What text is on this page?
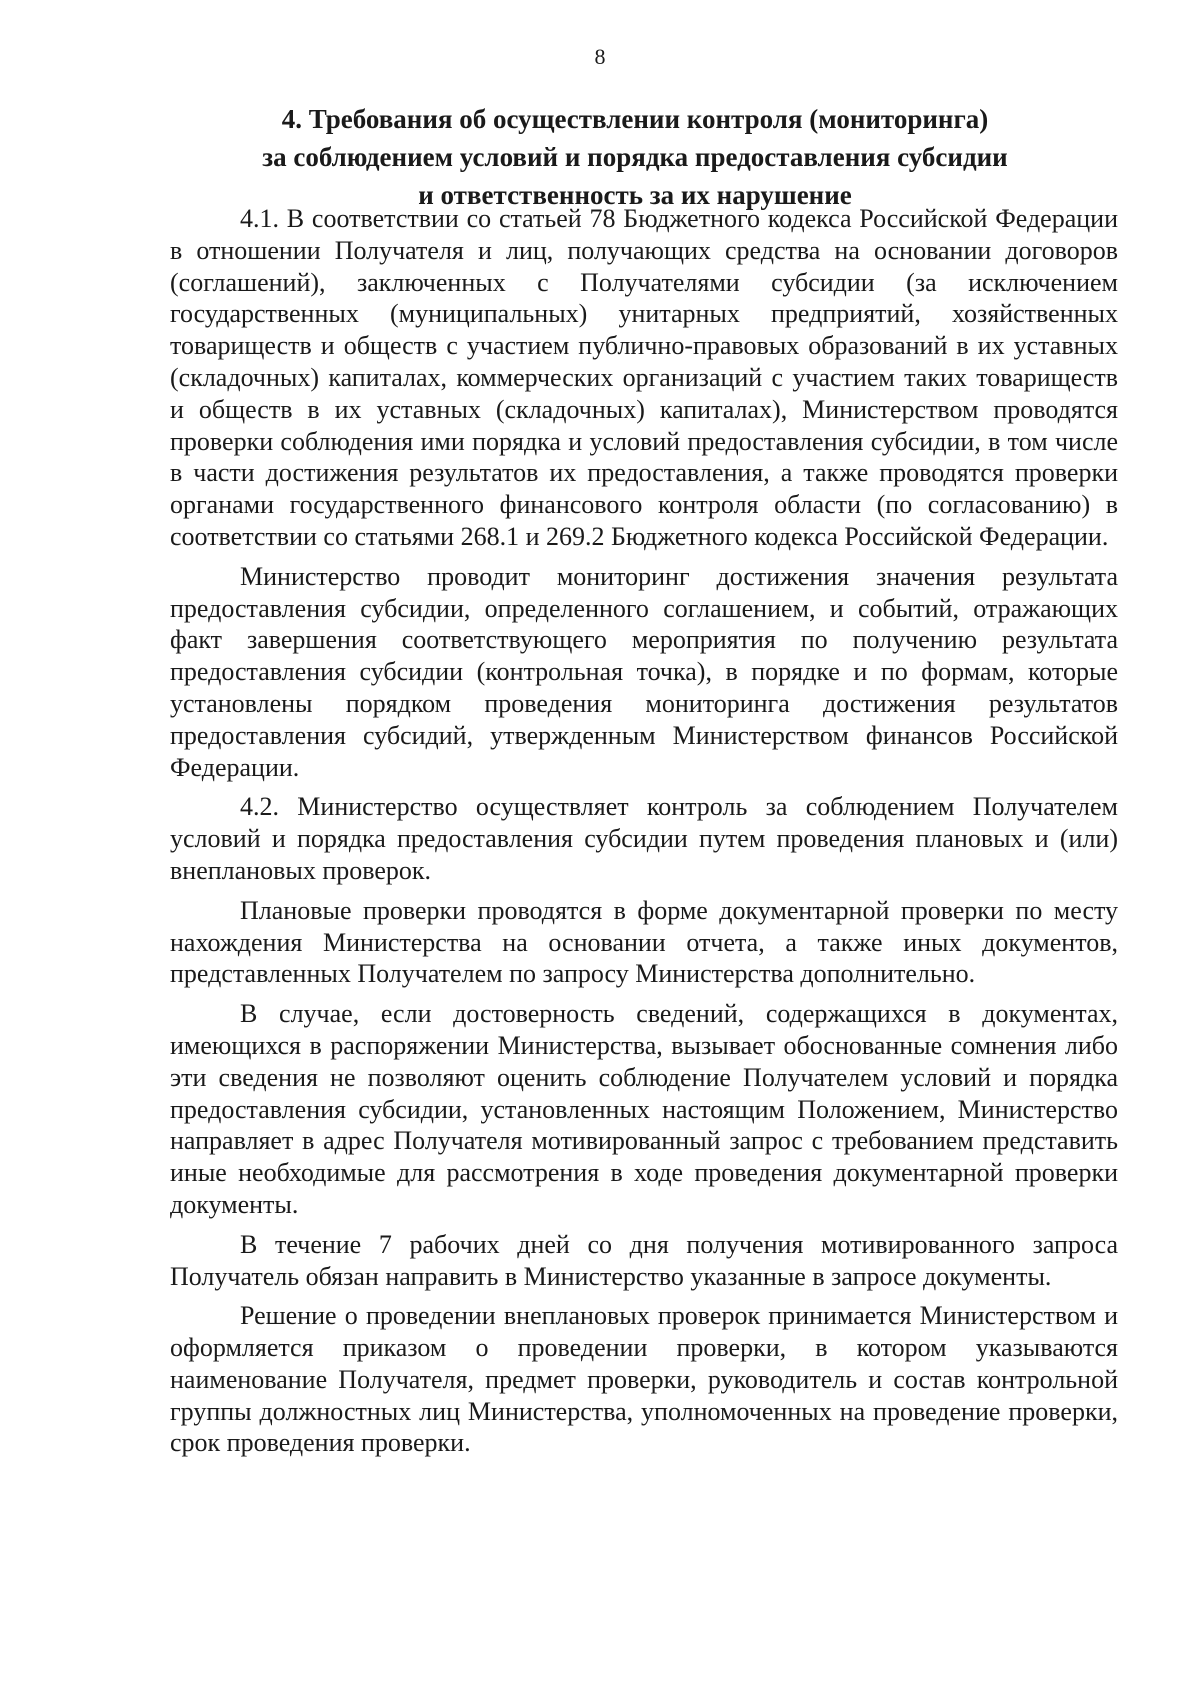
8
4. Требования об осуществлении контроля (мониторинга)
за соблюдением условий и порядка предоставления субсидии
и ответственность за их нарушение

4.1. В соответствии со статьей 78 Бюджетного кодекса Российской Федерации в отношении Получателя и лиц, получающих средства на основании договоров (соглашений), заключенных с Получателями субсидии (за исключением государственных (муниципальных) унитарных предприятий, хозяйственных товариществ и обществ с участием публично-правовых образований в их уставных (складочных) капиталах, коммерческих организаций с участием таких товариществ и обществ в их уставных (складочных) капиталах), Министерством проводятся проверки соблюдения ими порядка и условий предоставления субсидии, в том числе в части достижения результатов их предоставления, а также проводятся проверки органами государственного финансового контроля области (по согласованию) в соответствии со статьями 268.1 и 269.2 Бюджетного кодекса Российской Федерации.

Министерство проводит мониторинг достижения значения результата предоставления субсидии, определенного соглашением, и событий, отражающих факт завершения соответствующего мероприятия по получению результата предоставления субсидии (контрольная точка), в порядке и по формам, которые установлены порядком проведения мониторинга достижения результатов предоставления субсидий, утвержденным Министерством финансов Российской Федерации.

4.2. Министерство осуществляет контроль за соблюдением Получателем условий и порядка предоставления субсидии путем проведения плановых и (или) внеплановых проверок.

Плановые проверки проводятся в форме документарной проверки по месту нахождения Министерства на основании отчета, а также иных документов, представленных Получателем по запросу Министерства дополнительно.

В случае, если достоверность сведений, содержащихся в документах, имеющихся в распоряжении Министерства, вызывает обоснованные сомнения либо эти сведения не позволяют оценить соблюдение Получателем условий и порядка предоставления субсидии, установленных настоящим Положением, Министерство направляет в адрес Получателя мотивированный запрос с требованием представить иные необходимые для рассмотрения в ходе проведения документарной проверки документы.

В течение 7 рабочих дней со дня получения мотивированного запроса Получатель обязан направить в Министерство указанные в запросе документы.

Решение о проведении внеплановых проверок принимается Министерством и оформляется приказом о проведении проверки, в котором указываются наименование Получателя, предмет проверки, руководитель и состав контрольной группы должностных лиц Министерства, уполномоченных на проведение проверки, срок проведения проверки.
